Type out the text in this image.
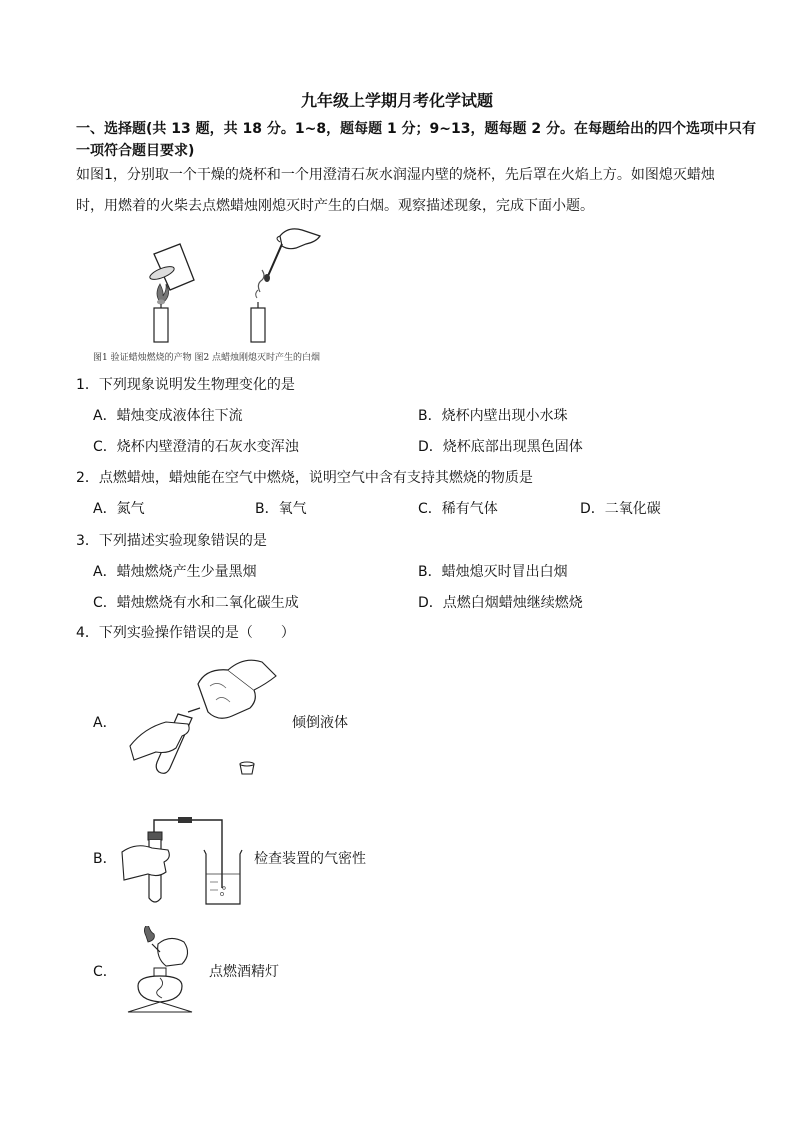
九年级上学期月考化学试题
一、选择题(共 13 题，共 18 分。1~8，题每题 1 分；9~13，题每题 2 分。在每题给出的四个选项中只有一项符合题目要求)
如图1，分别取一个干燥的烧杯和一个用澄清石灰水润湿内壁的烧杯，先后罩在火焰上方。如图熄灭蜡烛
时，用燃着的火柴去点燃蜡烛刚熄灭时产生的白烟。观察描述现象，完成下面小题。
图1 验证蜡烛燃烧的产物 图2 点蜡烛刚熄灭时产生的白烟
1．下列现象说明发生物理变化的是
A．蜡烛变成液体往下流	B．烧杯内壁出现小水珠
C．烧杯内壁澄清的石灰水变浑浊	D．烧杯底部出现黑色固体
2．点燃蜡烛，蜡烛能在空气中燃烧，说明空气中含有支持其燃烧的物质是
A．氮气	B．氧气	C．稀有气体	D．二氧化碳
3．下列描述实验现象错误的是
A．蜡烛燃烧产生少量黑烟	B．蜡烛熄灭时冒出白烟
C．蜡烛燃烧有水和二氧化碳生成	D．点燃白烟蜡烛继续燃烧
4．下列实验操作错误的是（　　）
A．	倾倒液体
B．	检查装置的气密性
C．	点燃酒精灯
